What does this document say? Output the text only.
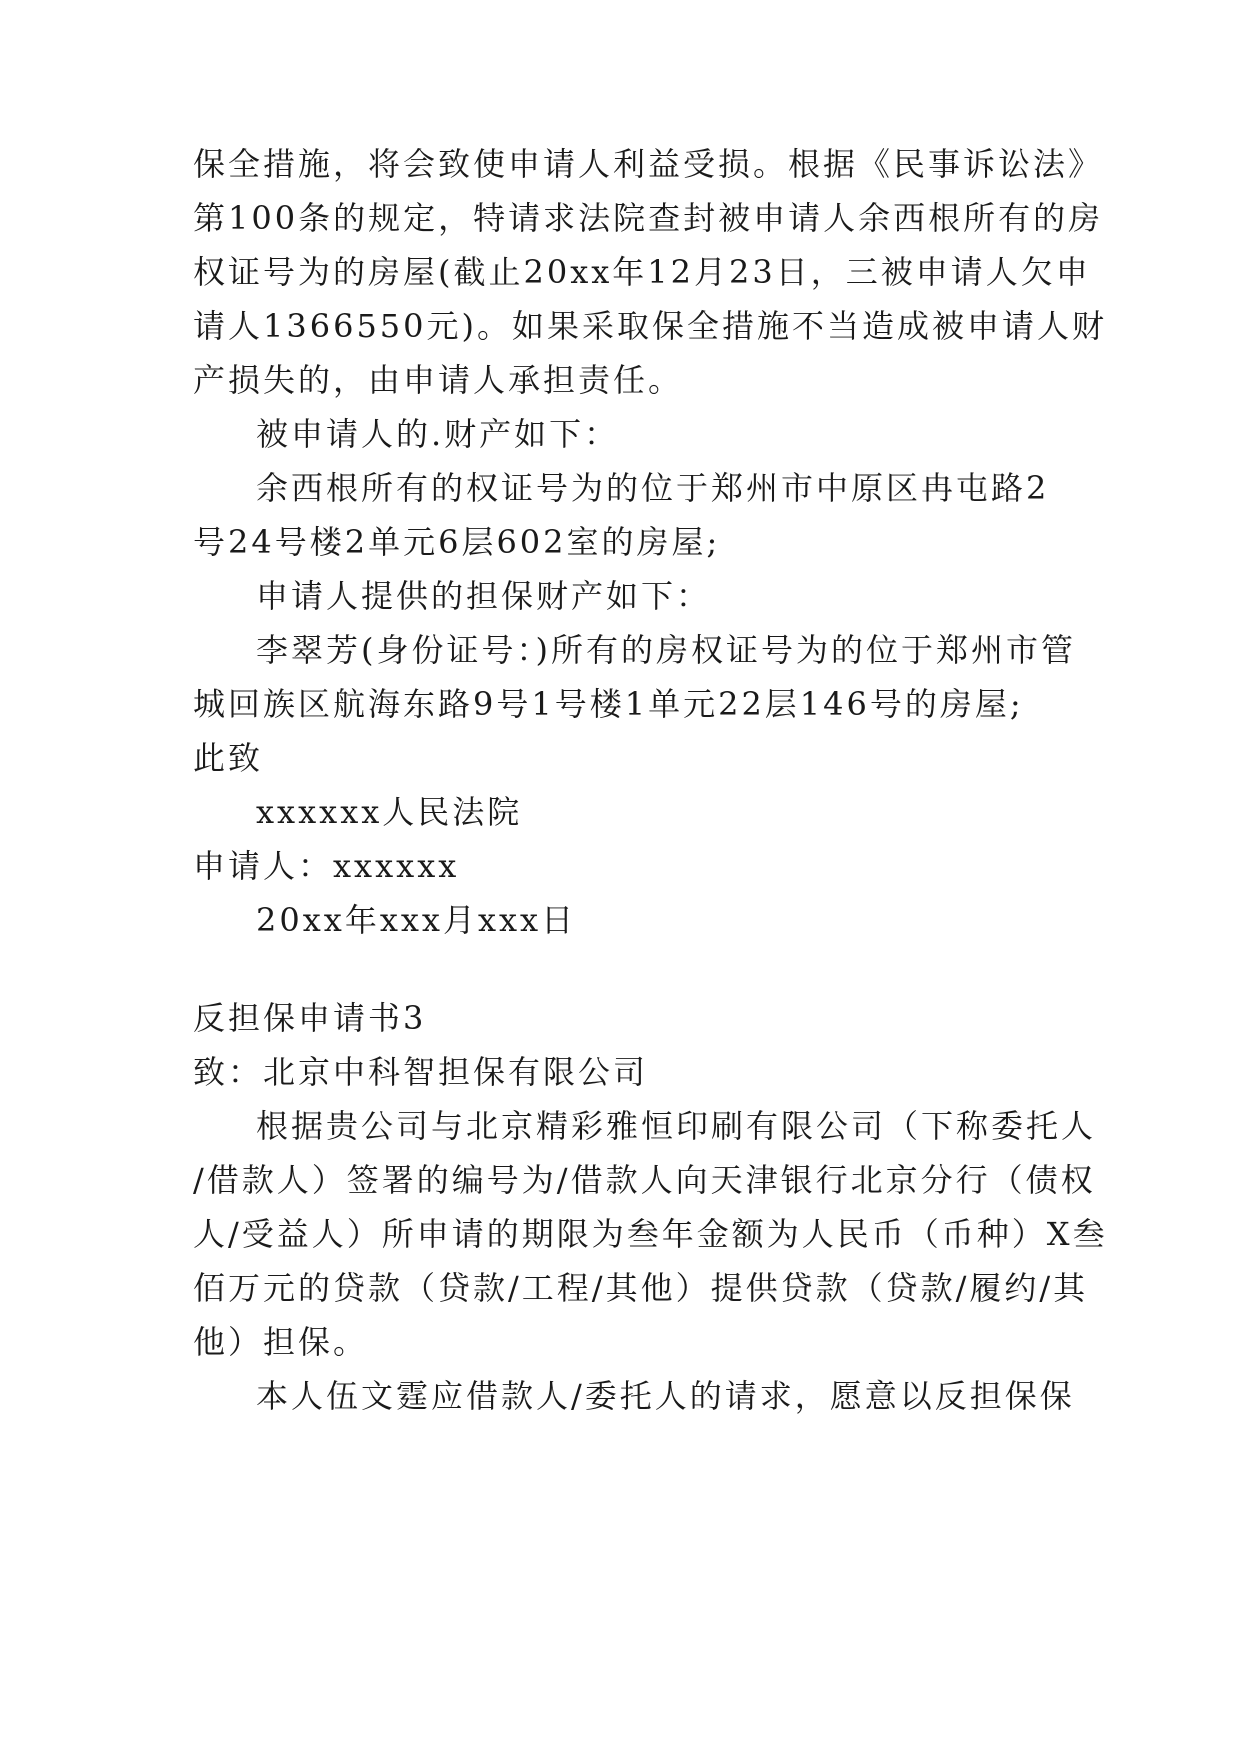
保全措施，将会致使申请人利益受损。根据《民事诉讼法》
第100条的规定，特请求法院查封被申请人余西根所有的房
权证号为的房屋(截止20xx年12月23日，三被申请人欠申
请人1366550元)。如果采取保全措施不当造成被申请人财
产损失的，由申请人承担责任。
被申请人的.财产如下：
余西根所有的权证号为的位于郑州市中原区冉屯路2
号24号楼2单元6层602室的房屋;
申请人提供的担保财产如下：
李翠芳(身份证号：)所有的房权证号为的位于郑州市管
城回族区航海东路9号1号楼1单元22层146号的房屋;
此致
xxxxxx人民法院
申请人：xxxxxx
20xx年xxx月xxx日
反担保申请书3
致：北京中科智担保有限公司
根据贵公司与北京精彩雅恒印刷有限公司（下称委托人
/借款人）签署的编号为/借款人向天津银行北京分行（债权
人/受益人）所申请的期限为叁年金额为人民币（币种）X叁
佰万元的贷款（贷款/工程/其他）提供贷款（贷款/履约/其
他）担保。
本人伍文霆应借款人/委托人的请求，愿意以反担保保
